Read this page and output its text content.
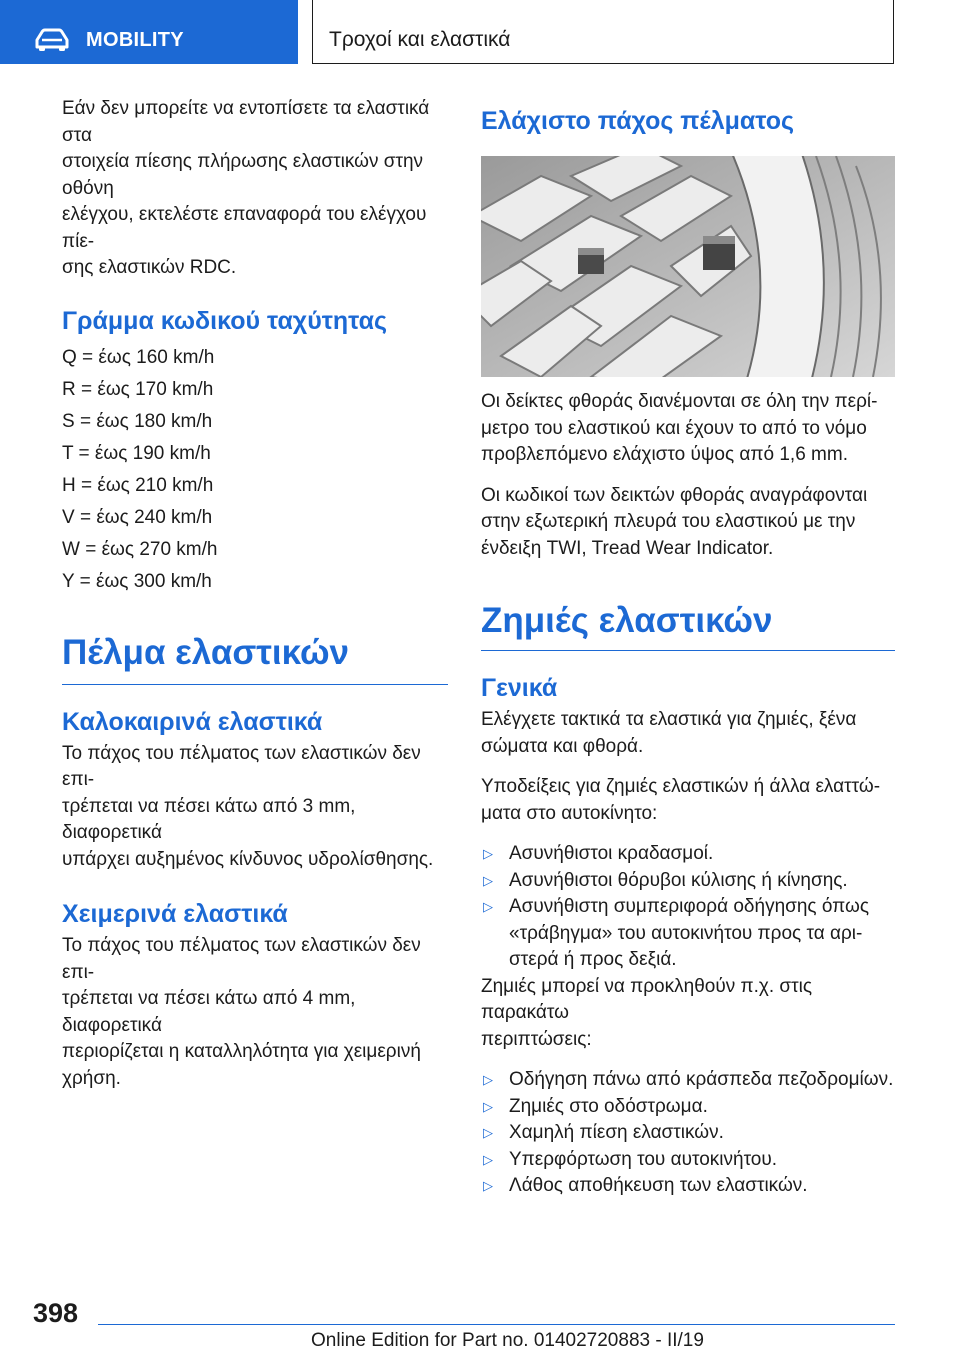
MOBILITY	Τροχοί και ελαστικά

Εάν δεν μπορείτε να εντοπίσετε τα ελαστικά στα

στοιχεία πίεσης πλήρωσης ελαστικών στην οθόνη

ελέγχου, εκτελέστε επαναφορά του ελέγχου πίε‐

σης ελαστικών RDC.

Γράμμα κωδικού ταχύτητας

Q = έως 160 km/h

R = έως 170 km/h

S = έως 180 km/h

T = έως 190 km/h

H = έως 210 km/h

V = έως 240 km/h

W = έως 270 km/h

Y = έως 300 km/h

Πέλμα ελαστικών
Καλοκαιρινά ελαστικά

Το πάχος του πέλματος των ελαστικών δεν επι‐

τρέπεται να πέσει κάτω από 3 mm, διαφορετικά

υπάρχει αυξημένος κίνδυνος υδρολίσθησης.

Χειμερινά ελαστικά

Το πάχος του πέλματος των ελαστικών δεν επι‐

τρέπεται να πέσει κάτω από 4 mm, διαφορετικά

περιορίζεται η καταλληλότητα για χειμερινή

χρήση.

Ελάχιστο πάχος πέλματος

Οι δείκτες φθοράς διανέμονται σε όλη την περί‐

μετρο του ελαστικού και έχουν το από το νόμο

προβλεπόμενο ελάχιστο ύψος από 1,6 mm.

Οι κωδικοί των δεικτών φθοράς αναγράφονται

στην εξωτερική πλευρά του ελαστικού με την

ένδειξη TWI, Tread Wear Indicator.

Ζημιές ελαστικών
Γενικά

Ελέγχετε τακτικά τα ελαστικά για ζημιές, ξένα

σώματα και φθορά.

Υποδείξεις για ζημιές ελαστικών ή άλλα ελαττώ‐

ματα στο αυτοκίνητο:

▷ Ασυνήθιστοι κραδασμοί.

▷ Ασυνήθιστοι θόρυβοι κύλισης ή κίνησης.

▷ Ασυνήθιστη συμπεριφορά οδήγησης όπως

«τράβηγμα» του αυτοκινήτου προς τα αρι‐

στερά ή προς δεξιά.

Ζημιές μπορεί να προκληθούν π.χ. στις παρακάτω

περιπτώσεις:

▷ Οδήγηση πάνω από κράσπεδα πεζοδρομίων.

▷ Ζημιές στο οδόστρωμα.

▷ Χαμηλή πίεση ελαστικών.

▷ Υπερφόρτωση του αυτοκινήτου.

▷ Λάθος αποθήκευση των ελαστικών.

398
Online Edition for Part no. 01402720883 - II/19
